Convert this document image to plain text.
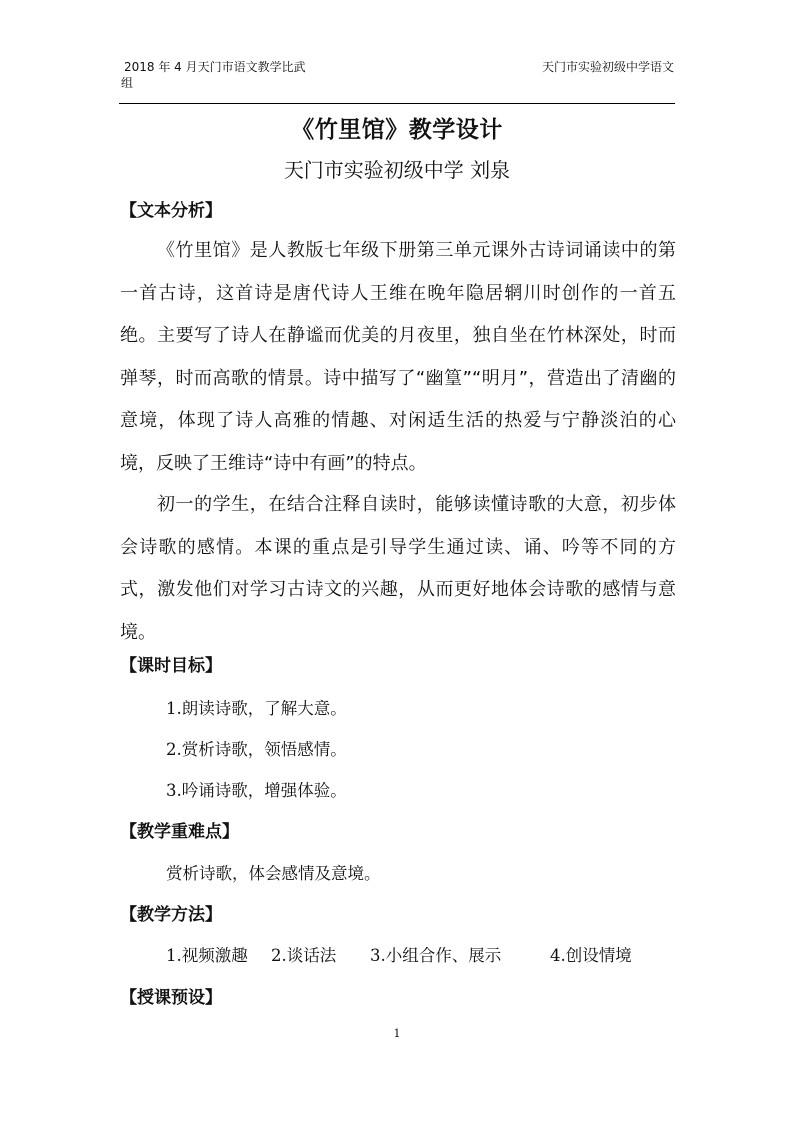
2018 年 4 月天门市语文教学比武
组
天门市实验初级中学语文
《竹里馆》教学设计
天门市实验初级中学 刘泉
【文本分析】

《竹里馆》是人教版七年级下册第三单元课外古诗词诵读中的第一首古诗，这首诗是唐代诗人王维在晚年隐居辋川时创作的一首五绝。主要写了诗人在静谧而优美的月夜里，独自坐在竹林深处，时而弹琴，时而高歌的情景。诗中描写了“幽篁”“明月”，营造出了清幽的意境，体现了诗人高雅的情趣、对闲适生活的热爱与宁静淡泊的心境，反映了王维诗“诗中有画”的特点。

初一的学生，在结合注释自读时，能够读懂诗歌的大意，初步体会诗歌的感情。本课的重点是引导学生通过读、诵、吟等不同的方式，激发他们对学习古诗文的兴趣，从而更好地体会诗歌的感情与意境。

【课时目标】
1.朗读诗歌，了解大意。
2.赏析诗歌，领悟感情。
3.吟诵诗歌，增强体验。
【教学重难点】
赏析诗歌，体会感情及意境。
【教学方法】
1.视频激趣 2.谈话法 3.小组合作、展示	4.创设情境
【授课预设】
1
